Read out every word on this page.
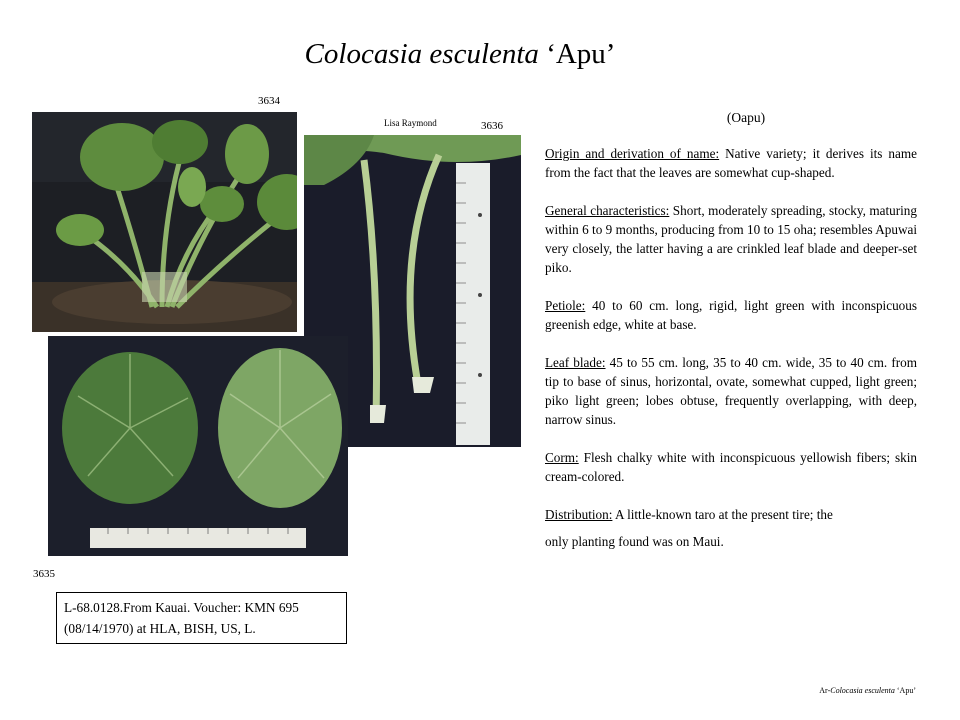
Colocasia esculenta ‘Apu’
3634
Lisa Raymond	3636
3635

(Oapu)

Origin and derivation of name: Native variety; it derives its name from the fact that the leaves are somewhat cup-shaped.

General characteristics: Short, moderately spreading, stocky, maturing within 6 to 9 months, producing from 10 to 15 oha; resembles Apuwai very closely, the latter having a are crinkled leaf blade and deeper-set piko.

Petiole: 40 to 60 cm. long, rigid, light green with inconspicuous greenish edge, white at base.

Leaf blade: 45 to 55 cm. long, 35 to 40 cm. wide, 35 to 40 cm. from tip to base of sinus, horizontal, ovate, somewhat cupped, light green; piko light green; lobes obtuse, frequently overlapping, with deep, narrow sinus.

Corm: Flesh chalky white with inconspicuous yellowish fibers; skin cream-colored.

Distribution: A little-known taro at the present tire; the

only planting found was on Maui.

L-68.0128.From Kauai. Voucher: KMN 695 (08/14/1970) at HLA, BISH, US, L.
Ar-Colocasia esculenta ‘Apu’
